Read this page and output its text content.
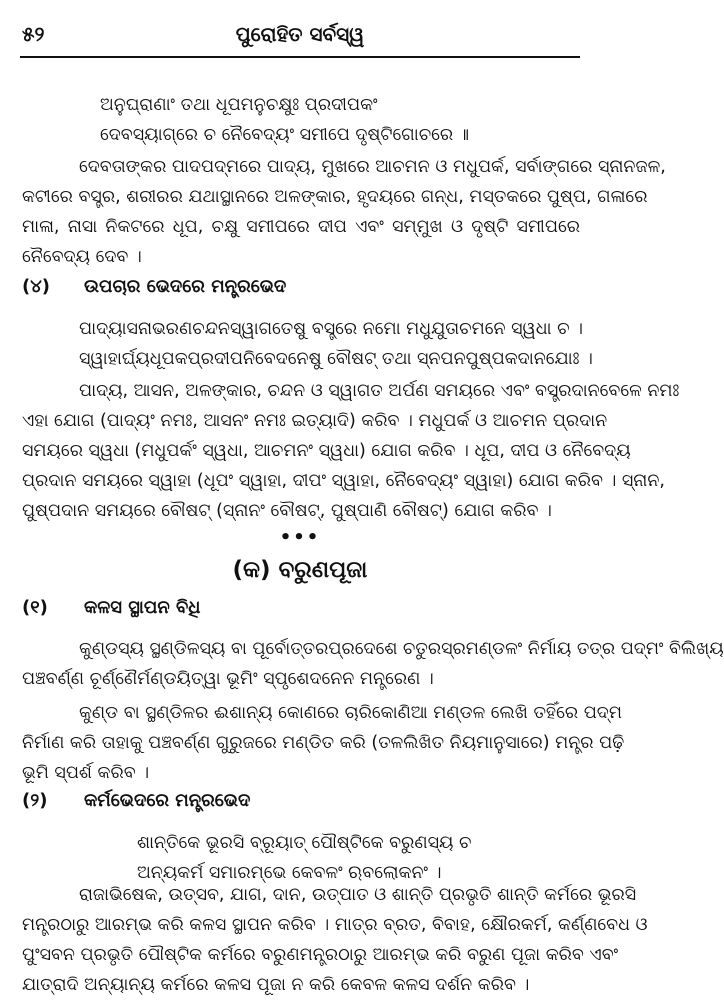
୫୨	ପୁରୋହିତ ସର୍ବସ୍ୱ
ଅନୁଘ୍ରାଣାଂ ତଥା ଧୂପମନୁଚକ୍ଷୁଃ ପ୍ରଦୀପକଂ
ଦେବସ୍ୟାଗ୍ରେ ଚ ନୈବେଦ୍ୟଂ ସମୀପେ ଦୃଷ୍ଟିଗୋଚରେ ॥
ଦେବତାଙ୍କର ପାଦପଦ୍ମରେ ପାଦ୍ୟ, ମୁଖରେ ଆଚମନ ଓ ମଧୁପର୍କ, ସର୍ବାଙ୍ଗରେ ସ୍ନାନଜଳ,
କଟୀରେ ବସ୍ତ୍ର, ଶରୀରର ଯଥାସ୍ଥାନରେ ଅଳଙ୍କାର, ହୃଦୟରେ ଗନ୍ଧ, ମସ୍ତକରେ ପୁଷ୍ପ, ଗଳାରେ
ମାଳା, ନାସା ନିକଟରେ ଧୂପ, ଚକ୍ଷୁ ସମୀପରେ ଦୀପ ଏବଂ ସମ୍ମୁଖ ଓ ଦୃଷ୍ଟି ସମୀପରେ
ନୈବେଦ୍ୟ ଦେବ ।
(୪) ଉପଚାର ଭେଦରେ ମନ୍ତ୍ରଭେଦ
ପାଦ୍ୟାସନାଭରଣଚନ୍ଦନସ୍ୱାଗତେଷୁ ବସ୍ତ୍ରେ ନମୋ ମଧୁଯୁତାଚମନେ ସ୍ୱଧା ଚ ।
ସ୍ୱାହାର୍ଘ୍ୟଧୂପକପ୍ରଦୀପନିବେଦନେଷୁ ବୌଷଟ୍ ତଥା ସ୍ନପନପୁଷ୍ପକଦାନଯୋଃ ।
ପାଦ୍ୟ, ଆସନ, ଅଳଙ୍କାର, ଚନ୍ଦନ ଓ ସ୍ୱାଗତ ଅର୍ପଣ ସମୟରେ ଏବଂ ବସ୍ତ୍ରଦାନବେଳେ ନମଃ
ଏହା ଯୋଗ (ପାଦ୍ୟଂ ନମଃ, ଆସନଂ ନମଃ ଇତ୍ୟାଦି) କରିବ । ମଧୁପର୍କ ଓ ଆଚମନ ପ୍ରଦାନ
ସମୟରେ ସ୍ୱଧା (ମଧୁପର୍କଂ ସ୍ୱଧା, ଆଚମନଂ ସ୍ୱଧା) ଯୋଗ କରିବ । ଧୂପ, ଦୀପ ଓ ନୈବେଦ୍ୟ
ପ୍ରଦାନ ସମୟରେ ସ୍ୱାହା (ଧୂପଂ ସ୍ୱାହା, ଦୀପଂ ସ୍ୱାହା, ନୈବେଦ୍ୟଂ ସ୍ୱାହା) ଯୋଗ କରିବ । ସ୍ନାନ,
ପୁଷ୍ପଦାନ ସମୟରେ ବୌଷଟ୍ (ସ୍ନାନଂ ବୌଷଟ୍, ପୁଷ୍ପାଣି ବୌଷଟ୍) ଯୋଗ କରିବ ।
•••
(କ) ବରୁଣପୂଜା
(୧) କଳସ ସ୍ଥାପନ ବିଧି
କୁଣ୍ଡସ୍ୟ ସ୍ଥଣ୍ଡିଳସ୍ୟ ବା ପୂର୍ବୋତ୍ତରପ୍ରଦେଶେ ଚତୁରସ୍ରମଣ୍ଡଳଂ ନିର୍ମାୟ ତତ୍ର ପଦ୍ମଂ ବିଲିଖ୍ୟ
ପଞ୍ଚବର୍ଣ୍ଣ ଚୂର୍ଣ୍ଣୈର୍ମଣ୍ଡୟିତ୍ୱା ଭୂମିଂ ସ୍ପୃଶେଦନେନ ମନ୍ତ୍ରେଣ ।
କୁଣ୍ଡ ବା ସ୍ଥଣ୍ଡିଳର ଈଶାନ୍ୟ କୋଣରେ ଚାରିକୋଣିଆ ମଣ୍ଡଳ ଲେଖି ତହିଁରେ ପଦ୍ମ
ନିର୍ମାଣ କରି ତାହାକୁ ପଞ୍ଚବର୍ଣ୍ଣ ଗୁରୁଜରେ ମଣ୍ଡିତ କରି (ତଳଲିଖିତ ନିୟମାନୁସାରେ) ମନ୍ତ୍ର ପଢ଼ି
ଭୂମି ସ୍ପର୍ଶ କରିବ ।
(୨) କର୍ମଭେଦରେ ମନ୍ତ୍ରଭେଦ
ଶାନ୍ତିକେ ଭୂରସି ବ୍ରୂୟାତ୍ ପୌଷ୍ଟିକେ ବରୁଣସ୍ୟ ଚ
ଅନ୍ୟକର୍ମ ସମାରମ୍ଭେ କେବଳଂ ଋବଲୋକନଂ ।
ରାଜାଭିଷେକ, ଉତ୍ସବ, ଯାଗ, ଦାନ, ଉତ୍ପାତ ଓ ଶାନ୍ତି ପ୍ରଭୃତି ଶାନ୍ତି କର୍ମରେ ଭୂରସି
ମନ୍ତ୍ରଠାରୁ ଆରମ୍ଭ କରି କଳସ ସ୍ଥାପନ କରିବ । ମାତ୍ର ବ୍ରତ, ବିବାହ, କ୍ଷୌରକର୍ମ, କର୍ଣ୍ଣବେଧ ଓ
ପୁଂସବନ ପ୍ରଭୃତି ପୌଷ୍ଟିକ କର୍ମରେ ବରୁଣମନ୍ତ୍ରଠାରୁ ଆରମ୍ଭ କରି ବରୁଣ ପୂଜା କରିବ ଏବଂ
ଯାତ୍ରାଦି ଅନ୍ୟାନ୍ୟ କର୍ମରେ କଳସ ପୂଜା ନ କରି କେବଳ କଳସ ଦର୍ଶନ କରିବ ।
